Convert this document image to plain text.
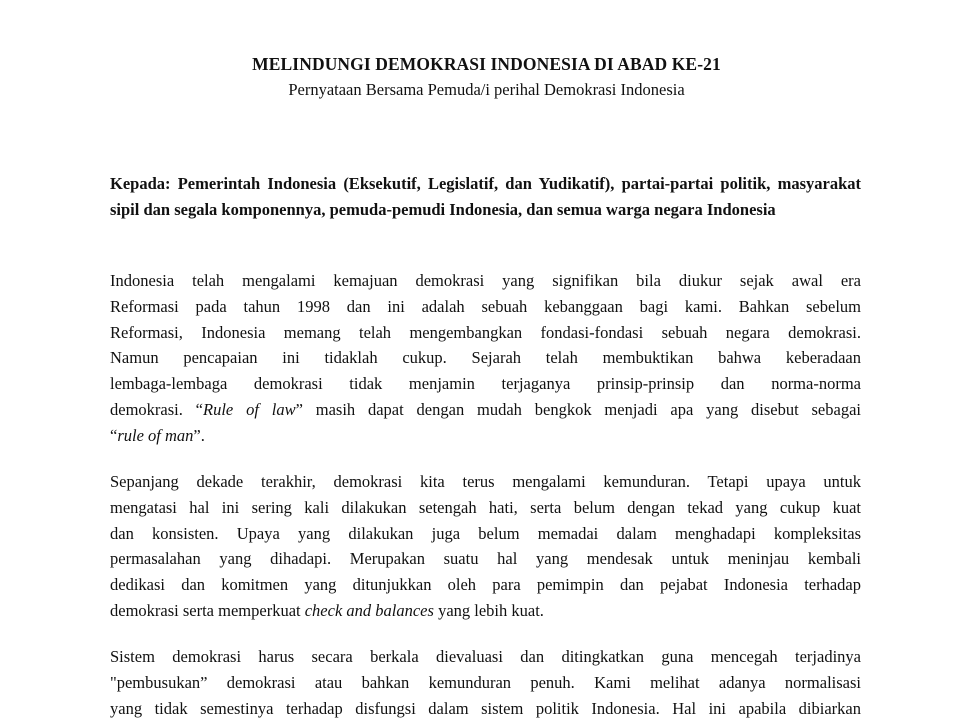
MELINDUNGI DEMOKRASI INDONESIA DI ABAD KE-21
Pernyataan Bersama Pemuda/i perihal Demokrasi Indonesia

Kepada: Pemerintah Indonesia (Eksekutif, Legislatif, dan Yudikatif), partai-partai politik, masyarakat sipil dan segala komponennya, pemuda-pemudi Indonesia, dan semua warga negara Indonesia

Indonesia telah mengalami kemajuan demokrasi yang signifikan bila diukur sejak awal era
Reformasi pada tahun 1998 dan ini adalah sebuah kebanggaan bagi kami. Bahkan sebelum
Reformasi, Indonesia memang telah mengembangkan fondasi-fondasi sebuah negara demokrasi.
Namun pencapaian ini tidaklah cukup. Sejarah telah membuktikan bahwa keberadaan
lembaga-lembaga demokrasi tidak menjamin terjaganya prinsip-prinsip dan norma-norma
demokrasi. “Rule of law” masih dapat dengan mudah bengkok menjadi apa yang disebut sebagai
“rule of man”.
Sepanjang dekade terakhir, demokrasi kita terus mengalami kemunduran. Tetapi upaya untuk
mengatasi hal ini sering kali dilakukan setengah hati, serta belum dengan tekad yang cukup kuat
dan konsisten. Upaya yang dilakukan juga belum memadai dalam menghadapi kompleksitas
permasalahan yang dihadapi. Merupakan suatu hal yang mendesak untuk meninjau kembali
dedikasi dan komitmen yang ditunjukkan oleh para pemimpin dan pejabat Indonesia terhadap
demokrasi serta memperkuat check and balances yang lebih kuat.
Sistem demokrasi harus secara berkala dievaluasi dan ditingkatkan guna mencegah terjadinya
"pembusukan” demokrasi atau bahkan kemunduran penuh. Kami melihat adanya normalisasi
yang tidak semestinya terhadap disfungsi dalam sistem politik Indonesia. Hal ini apabila dibiarkan
